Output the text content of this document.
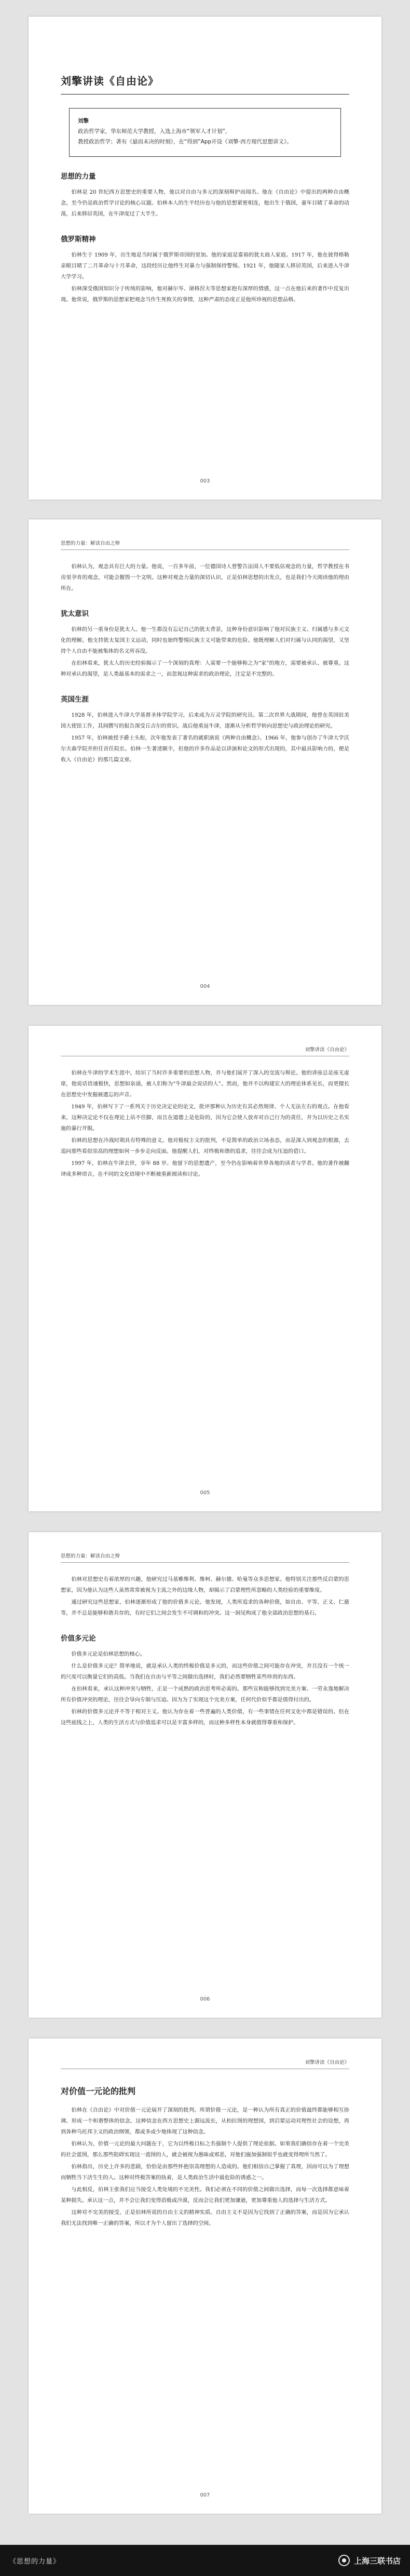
刘擎讲读《自由论》
刘擎
政治哲学家，华东师范大学教授，入选上海市“领军人才计划”，
教授政治哲学；著有《悬而未决的时刻》，在“得到”App开设《刘擎·西方现代思想讲义》。
思想的力量

伯林是 20 世纪西方思想史的重要人物，他以对自由与多元的深刻辩护而闻名。他在《自由论》中提出的两种自由概念，至今仍是政治哲学讨论的核心议题。伯林本人的生平经历也与他的思想紧密相连，他出生于俄国，童年目睹了革命的动荡，后来移居英国，在牛津度过了大半生。

俄罗斯精神

伯林生于 1909 年，出生地是当时属于俄罗斯帝国的里加。他的家庭是富裕的犹太商人家庭。1917 年，他在彼得格勒亲眼目睹了二月革命与十月革命，这段经历让他终生对暴力与强制保持警惕。1921 年，他随家人移居英国，后来进入牛津大学学习。

伯林深受俄国知识分子传统的影响，他对赫尔岑、屠格涅夫等思想家抱有深厚的情感，这一点在他后来的著作中反复出现。他常说，俄罗斯的思想家把观念当作生死攸关的事情，这种严肃的态度正是他所珍视的思想品格。

003
思想的力量：解读自由之辩

伯林认为，观念具有巨大的力量。他说，一百多年前，一位德国诗人曾警告法国人不要低估观念的力量，哲学教授在书房里孕育的观念，可能会摧毁一个文明。这种对观念力量的深切认识，正是伯林思想的出发点，也是我们今天阅读他的理由所在。

犹太意识

伯林的另一重身份是犹太人。他一生都没有忘记自己的犹太背景，这种身份意识影响了他对民族主义、归属感与多元文化的理解。他支持犹太复国主义运动，同时也始终警惕民族主义可能带来的危险。他既理解人们对归属与认同的渴望，又坚持个人自由不能被集体的名义所吞没。

在伯林看来，犹太人的历史经验揭示了一个深刻的真理：人需要一个能够称之为“家”的地方，需要被承认、被尊重。这种对承认的渴望，是人类最基本的需求之一，而忽视这种需求的政治理论，注定是不完整的。

英国生涯

1928 年，伯林进入牛津大学基督圣体学院学习，后来成为万灵学院的研究员。第二次世界大战期间，他曾在英国驻美国大使馆工作，其间撰写的报告深受丘吉尔的赏识。战后他重返牛津，逐渐从分析哲学转向思想史与政治理论的研究。

1957 年，伯林被授予爵士头衔，次年他发表了著名的就职演说《两种自由概念》。1966 年，他参与创办了牛津大学沃尔夫森学院并担任首任院长。伯林一生著述颇丰，但他的许多作品是以讲演和论文的形式出现的，其中最具影响力的，便是收入《自由论》的那几篇文章。

004
刘擎讲读《自由论》

伯林在牛津的学术生涯中，结识了当时许多重要的思想人物，并与他们展开了深入的交流与辩论。他的讲座总是座无虚席，他说话语速极快，思想如泉涌，被人们称为“牛津最会说话的人”。然而，他并不以构建宏大的理论体系见长，而更擅长在思想史中发掘被遗忘的声音。

1949 年，伯林写下了一系列关于历史决定论的论文，批评那种认为历史有其必然规律、个人无法左右的观点。在他看来，这种决定论不仅在理论上站不住脚，而且在道德上是危险的，因为它会使人放弃对自己行为的责任，并为以历史之名实施的暴行开脱。

伯林的思想在冷战时期具有特殊的意义。他对极权主义的批判，不是简单的政治立场表态，而是深入到观念的根源，去追问那些看似崇高的理想如何一步步走向反面。他提醒人们，对终极和谐的追求，往往会成为压迫的借口。

1997 年，伯林在牛津去世，享年 88 岁。他留下的思想遗产，至今仍在影响着世界各地的读者与学者。他的著作被翻译成多种语言，在不同的文化语境中不断被重新阅读和讨论。

005
思想的力量：解读自由之辩

伯林对思想史有着浓厚的兴趣，他研究过马基雅维利、维柯、赫尔德、哈曼等众多思想家。他特别关注那些反启蒙的思想家，因为他认为这些人虽然常常被视为主流之外的边缘人物，却揭示了启蒙理性所忽略的人类经验的重要维度。

通过研究这些思想家，伯林逐渐形成了他的价值多元论。他发现，人类所追求的各种价值，如自由、平等、正义、仁慈等，并不总是能够和谐共存的，有时它们之间会发生不可调和的冲突。这一洞见构成了他全部政治思想的基石。

价值多元论

价值多元论是伯林思想的核心。

什么是价值多元论？简单地说，就是承认人类的终极价值是多元的，而这些价值之间可能存在冲突，并且没有一个统一的尺度可以衡量它们的高低。当我们在自由与平等之间做出选择时，我们必然要牺牲某些珍贵的东西。

在伯林看来，承认这种冲突与牺牲，正是一个成熟的政治思考所必需的。那些宣称能够找到完美方案、一劳永逸地解决所有价值冲突的理论，往往会导向专制与压迫。因为为了实现这个完美方案，任何代价似乎都是值得付出的。

伯林的价值多元论并不等于相对主义。他认为存在着一些普遍的人类价值，有一些事情在任何文化中都是错误的。但在这些底线之上，人类的生活方式与价值追求可以是丰富多样的，而这种多样性本身就值得尊重和保护。

006
刘擎讲读《自由论》
对价值一元论的批判

伯林在《自由论》中对价值一元论展开了深刻的批判。所谓价值一元论，是一种认为所有真正的价值最终都能够相互协调、形成一个和谐整体的信念。这种信念在西方思想史上源远流长，从柏拉图的理想国，到启蒙运动对理性社会的设想，再到各种乌托邦主义的政治纲领，都或多或少地体现了这种信念。

伯林认为，价值一元论的最大问题在于，它为以终极目标之名强制个人提供了理论依据。如果我们确信存在着一个完美的社会蓝图，那么那些阻碍实现这一蓝图的人，就会被视为愚昧或邪恶，对他们施加强制似乎也就变得理所当然了。

伯林指出，历史上许多的悲剧，恰恰是由那些怀抱崇高理想的人造成的。他们相信自己掌握了真理，因而可以为了理想而牺牲当下活生生的人。这种对终极答案的执着，是人类政治生活中最危险的诱惑之一。

与此相反，伯林主张我们应当接受人类处境的不完美性。我们必须在不同的价值之间做出选择，而每一次选择都意味着某种损失。承认这一点，并不会让我们变得消极或冷漠，反而会让我们更加谦逊，更加尊重他人的选择与生活方式。

这种对不完美的接受，正是伯林所说的自由主义的精神实质。自由主义不是因为它找到了正确的答案，而是因为它承认我们无法找到唯一正确的答案，所以才为个人留出了选择的空间。

007
《思想的力量》	上海三联书店
